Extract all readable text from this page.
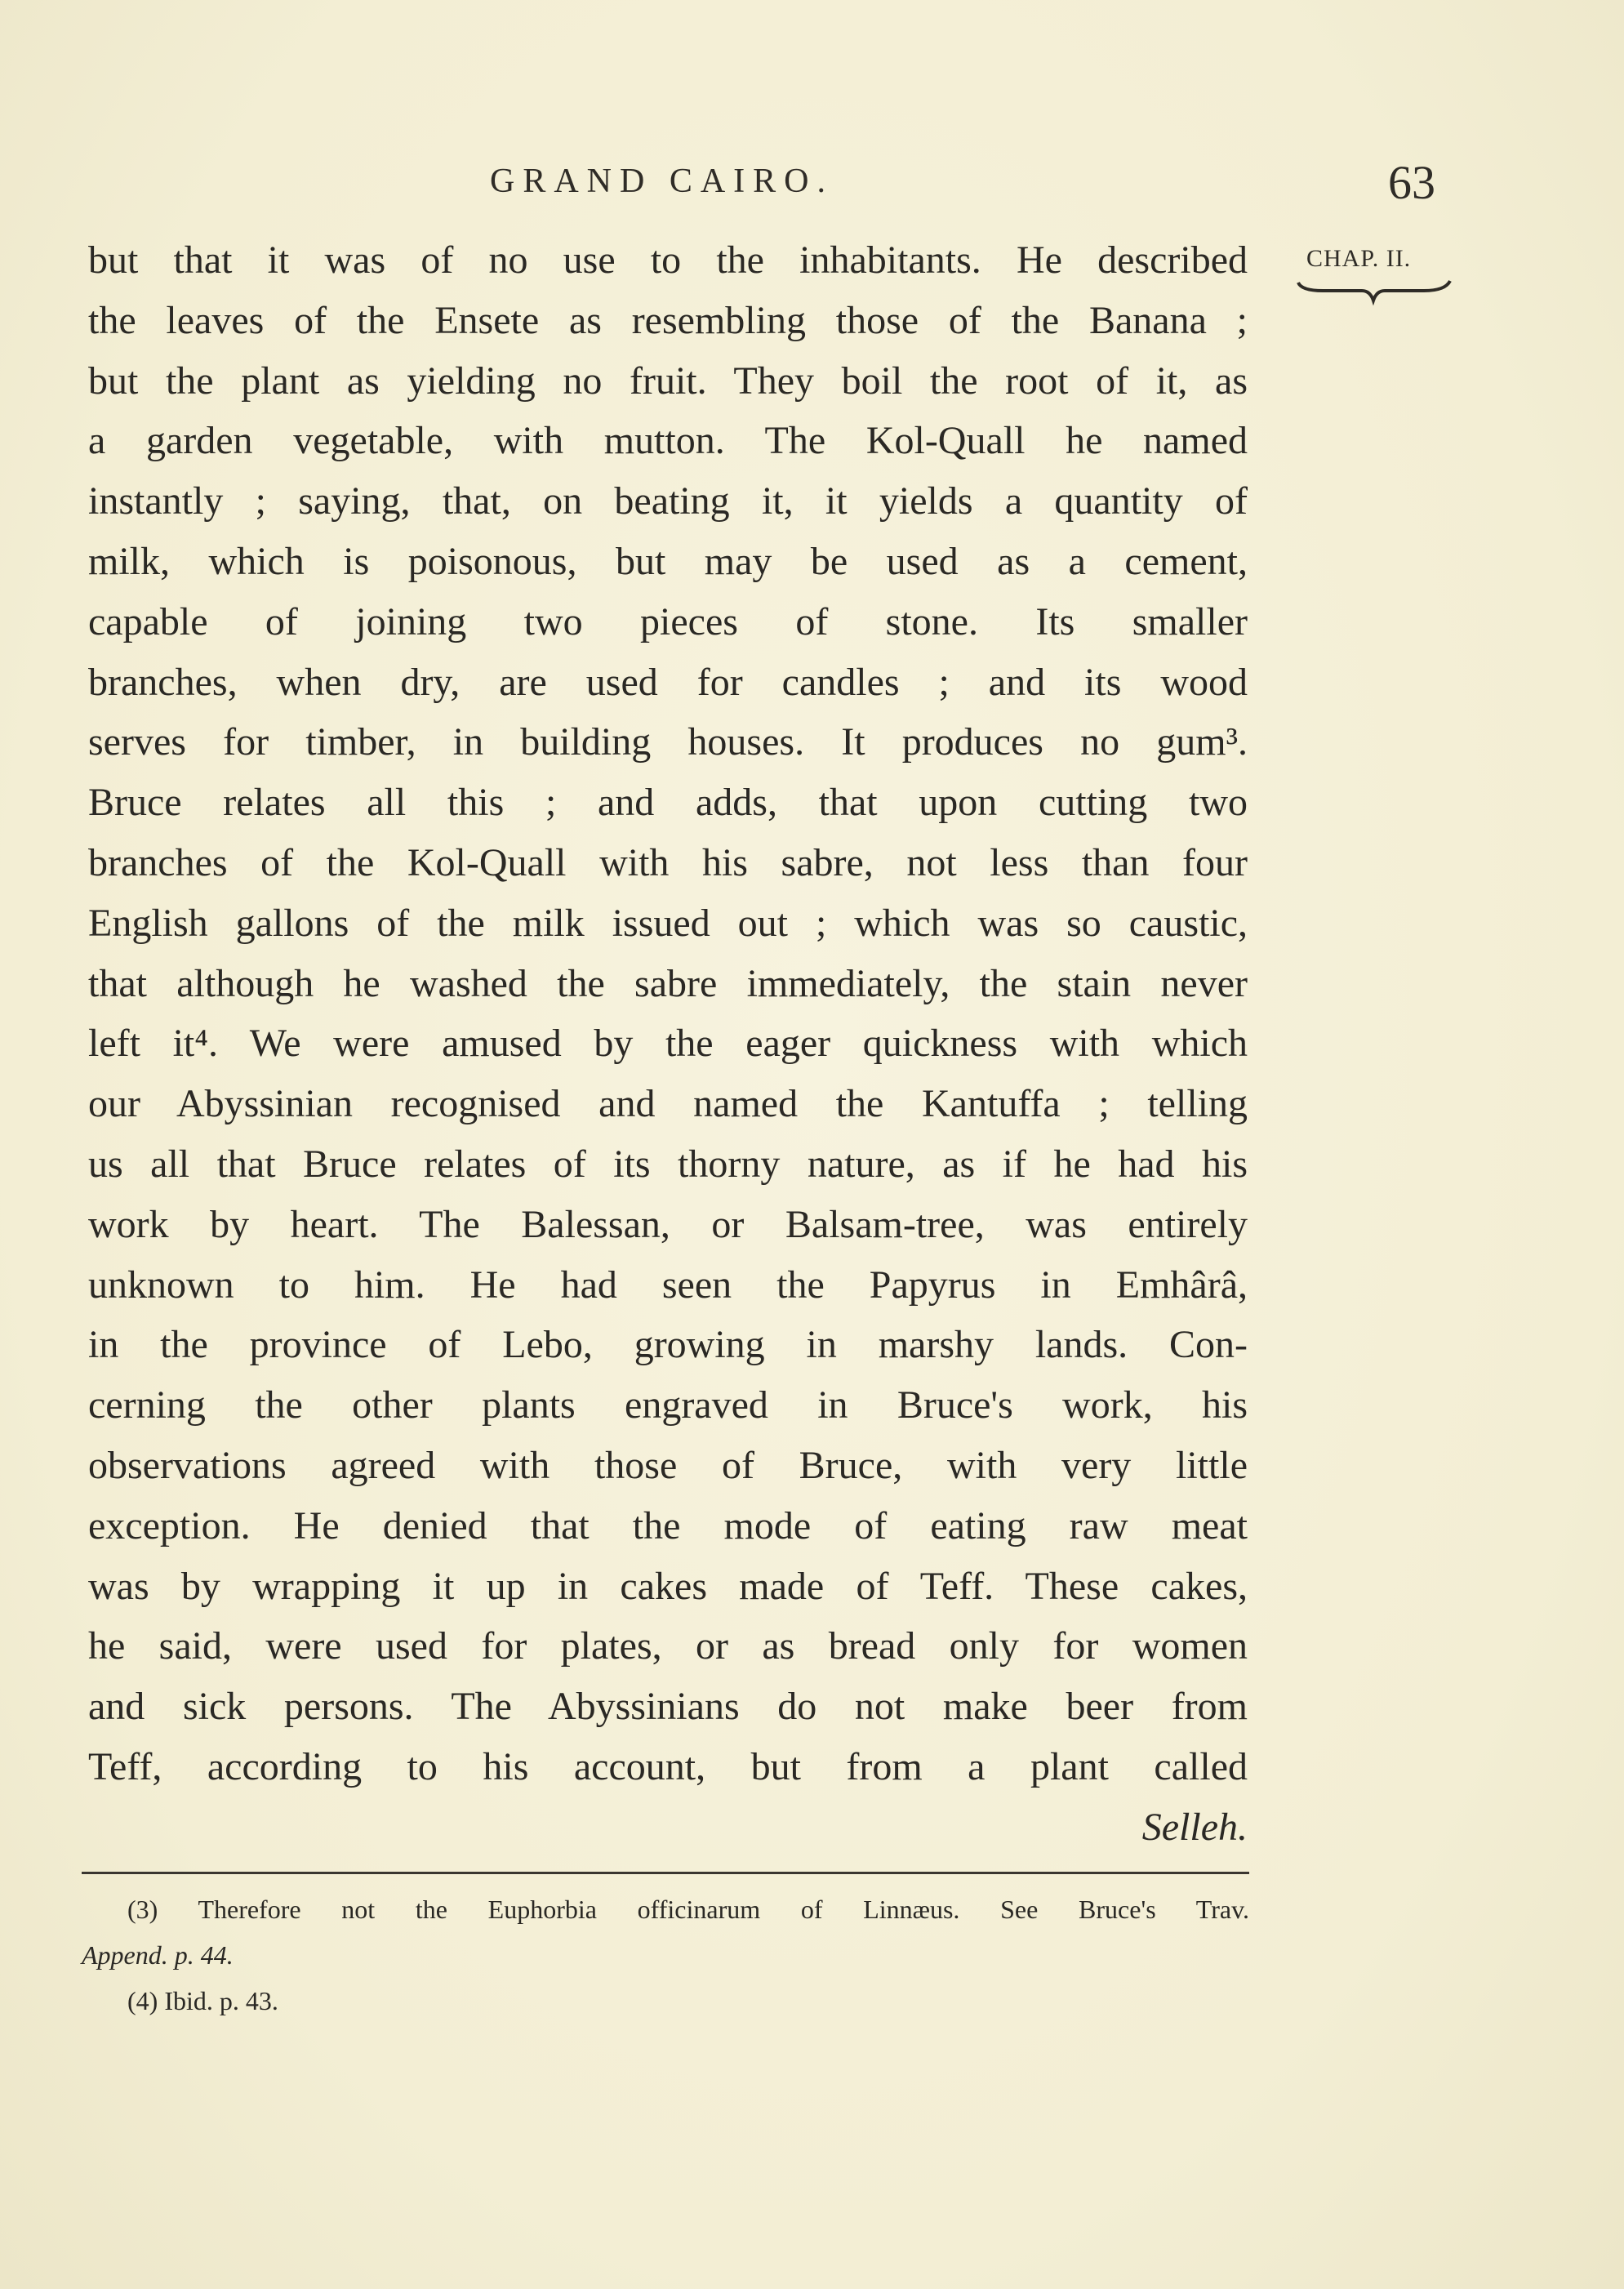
GRAND CAIRO.	63
CHAP. II.
but that it was of no use to the inhabitants. He described
the leaves of the Ensete as resembling those of the Banana ;
but the plant as yielding no fruit. They boil the root of it, as
a garden vegetable, with mutton. The Kol-Quall he named
instantly ; saying, that, on beating it, it yields a quantity of
milk, which is poisonous, but may be used as a cement,
capable of joining two pieces of stone. Its smaller
branches, when dry, are used for candles ; and its wood
serves for timber, in building houses. It produces no gum³.
Bruce relates all this ; and adds, that upon cutting two
branches of the Kol-Quall with his sabre, not less than four
English gallons of the milk issued out ; which was so caustic,
that although he washed the sabre immediately, the stain never
left it⁴. We were amused by the eager quickness with which
our Abyssinian recognised and named the Kantuffa ; telling
us all that Bruce relates of its thorny nature, as if he had his
work by heart. The Balessan, or Balsam-tree, was entirely
unknown to him. He had seen the Papyrus in Emhârâ,
in the province of Lebo, growing in marshy lands. Con-
cerning the other plants engraved in Bruce's work, his
observations agreed with those of Bruce, with very little
exception. He denied that the mode of eating raw meat
was by wrapping it up in cakes made of Teff. These cakes,
he said, were used for plates, or as bread only for women
and sick persons. The Abyssinians do not make beer from
Teff, according to his account, but from a plant called
Selleh.
(3) Therefore not the Euphorbia officinarum of Linnæus. See Bruce's Trav.
Append. p. 44.
(4) Ibid. p. 43.
